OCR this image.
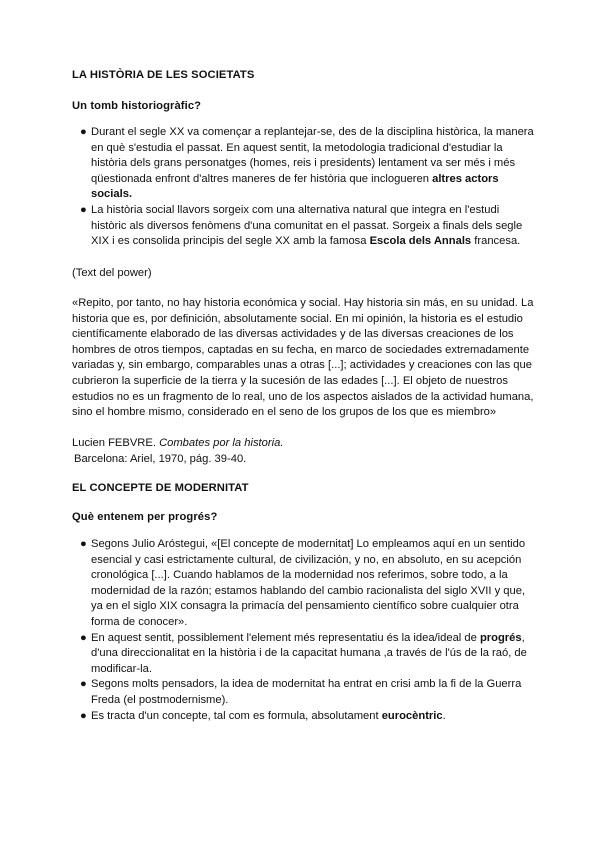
LA HISTÒRIA DE LES SOCIETATS
Un tomb historiogràfic?
● Durant el segle XX va començar a replantejar-se, des de la disciplina històrica, la manera en què s'estudia el passat. En aquest sentit, la metodologia tradicional d'estudiar la història dels grans personatges (homes, reis i presidents) lentament va ser més i més qüestionada enfront d'altres maneres de fer història que inclogueren altres actors socials.
● La història social llavors sorgeix com una alternativa natural que integra en l'estudi històric als diversos fenòmens d'una comunitat en el passat. Sorgeix a finals dels segle XIX i es consolida principis del segle XX amb la famosa Escola dels Annals francesa.
(Text del power)

«Repito, por tanto, no hay historia económica y social. Hay historia sin más, en su unidad. La historia que es, por definición, absolutamente social. En mi opinión, la historia es el estudio científicamente elaborado de las diversas actividades y de las diversas creaciones de los hombres de otros tiempos, captadas en su fecha, en marco de sociedades extremadamente variadas y, sin embargo, comparables unas a otras [...]; actividades y creaciones con las que cubrieron la superficie de la tierra y la sucesión de las edades [...]. El objeto de nuestros estudios no es un fragmento de lo real, uno de los aspectos aislados de la actividad humana, sino el hombre mismo, considerado en el seno de los grupos de los que es miembro»

Lucien FEBVRE. Combates por la historia.
Barcelona: Ariel, 1970, pág. 39-40.
EL CONCEPTE DE MODERNITAT
Què entenem per progrés?
● Segons Julio Aróstegui, «[El concepte de modernitat] Lo empleamos aquí en un sentido esencial y casi estrictamente cultural, de civilización, y no, en absoluto, en su acepción cronológica [...]. Cuando hablamos de la modernidad nos referimos, sobre todo, a la modernidad de la razón; estamos hablando del cambio racionalista del siglo XVII y que, ya en el siglo XIX consagra la primacía del pensamiento científico sobre cualquier otra forma de conocer».
● En aquest sentit, possiblement l'element més representatiu és la idea/ideal de progrés, d'una direccionalitat en la història i de la capacitat humana ,a través de l'ús de la raó, de modificar-la.
● Segons molts pensadors, la idea de modernitat ha entrat en crisi amb la fi de la Guerra Freda (el postmodernisme).
● Es tracta d'un concepte, tal com es formula, absolutament eurocèntric.
